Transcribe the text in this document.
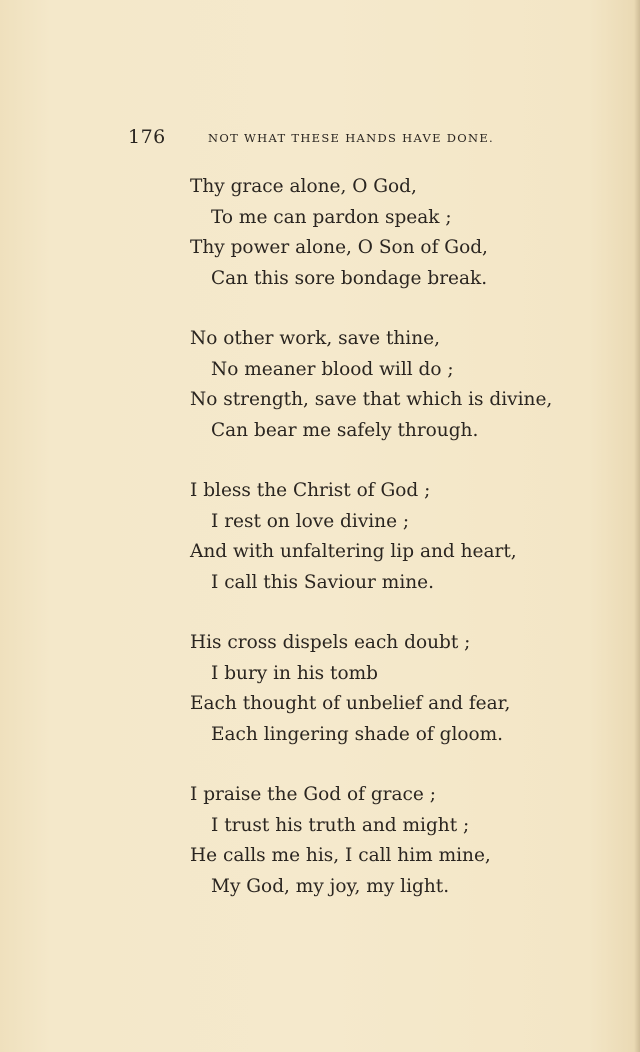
176	NOT WHAT THESE HANDS HAVE DONE.
Thy grace alone, O God,
To me can pardon speak ;
Thy power alone, O Son of God,
Can this sore bondage break.
No other work, save thine,
No meaner blood will do ;
No strength, save that which is divine,
Can bear me safely through.
I bless the Christ of God ;
I rest on love divine ;
And with unfaltering lip and heart,
I call this Saviour mine.
His cross dispels each doubt ;
I bury in his tomb
Each thought of unbelief and fear,
Each lingering shade of gloom.
I praise the God of grace ;
I trust his truth and might ;
He calls me his, I call him mine,
My God, my joy, my light.
